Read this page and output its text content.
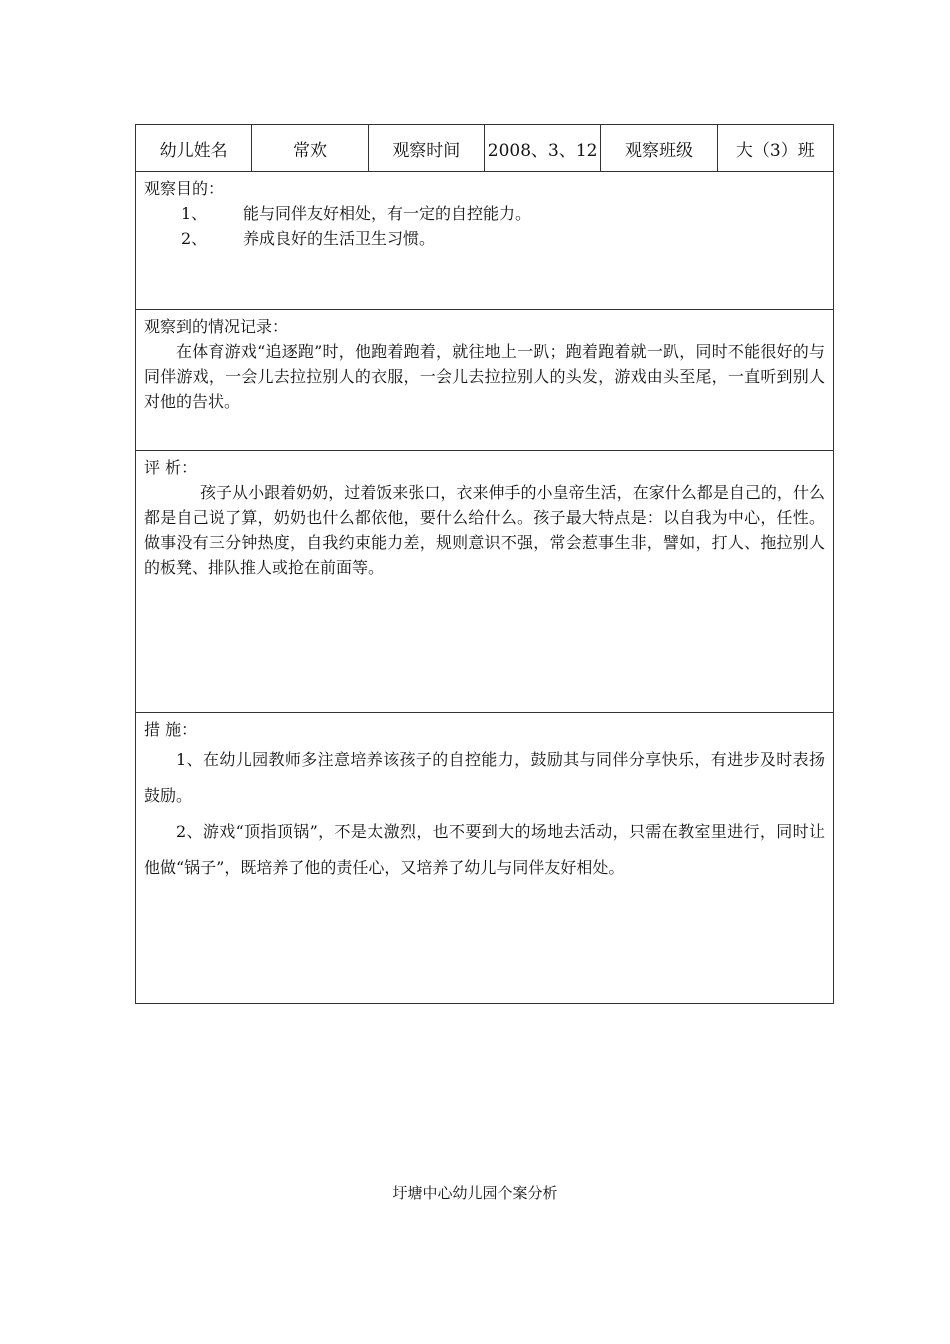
幼儿姓名	常欢	观察时间	2008、3、12	观察班级	大（3）班

观察目的：

1、	能与同伴友好相处，有一定的自控能力。
2、	养成良好的生活卫生习惯。

观察到的情况记录：

在体育游戏“追逐跑”时，他跑着跑着，就往地上一趴；跑着跑着就一趴，同时不能很好的与同伴游戏，一会儿去拉拉别人的衣服，一会儿去拉拉别人的头发，游戏由头至尾，一直听到别人对他的告状。

评 析：

孩子从小跟着奶奶，过着饭来张口，衣来伸手的小皇帝生活，在家什么都是自己的，什么都是自己说了算，奶奶也什么都依他，要什么给什么。孩子最大特点是：以自我为中心，任性。做事没有三分钟热度，自我约束能力差，规则意识不强，常会惹事生非，譬如，打人、拖拉别人的板凳、排队推人或抢在前面等。

措 施：

1、在幼儿园教师多注意培养该孩子的自控能力，鼓励其与同伴分享快乐，有进步及时表扬鼓励。

2、游戏“顶指顶锅”，不是太激烈，也不要到大的场地去活动，只需在教室里进行，同时让他做“锅子”，既培养了他的责任心，又培养了幼儿与同伴友好相处。

圩塘中心幼儿园个案分析
